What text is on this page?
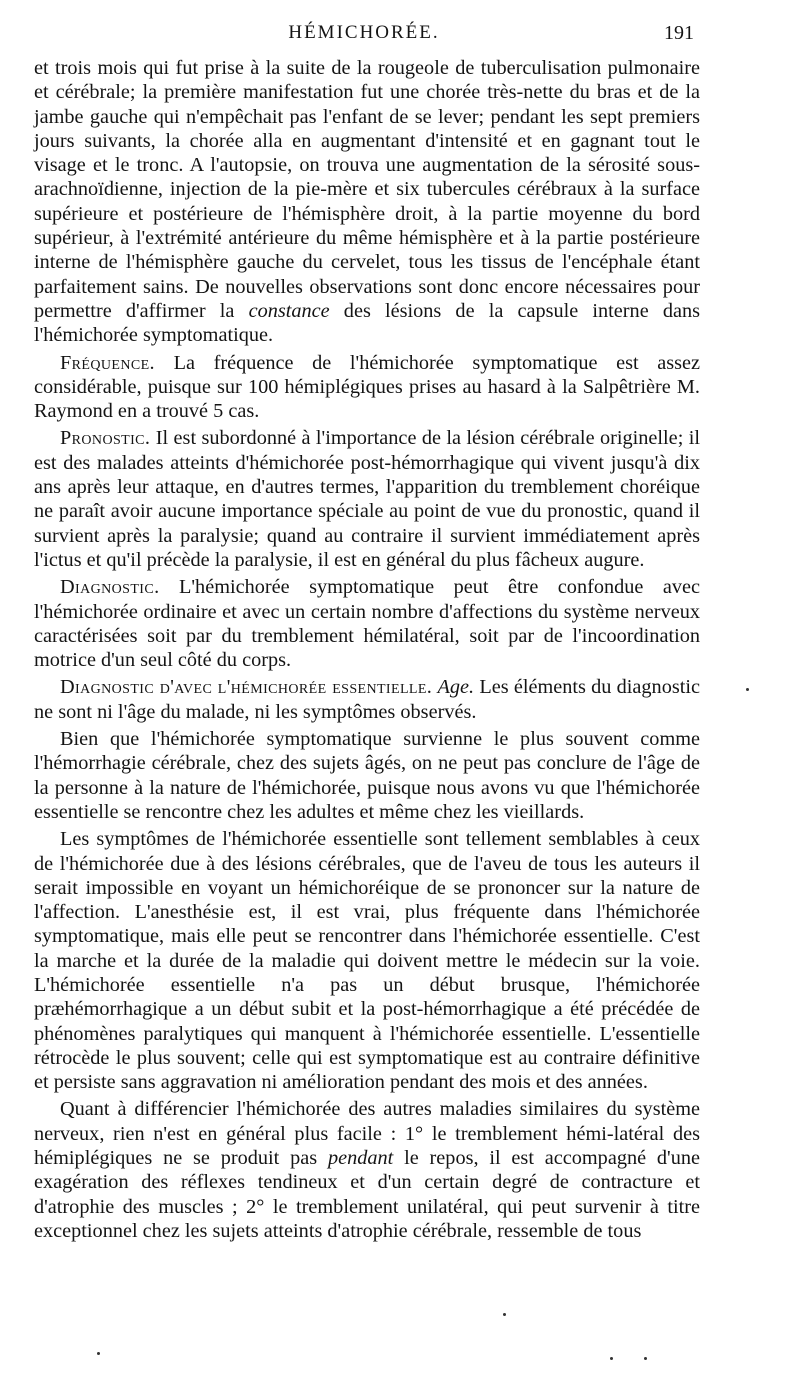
HÉMICHORÉE.	191

et trois mois qui fut prise à la suite de la rougeole de tuberculisation pulmonaire et cérébrale; la première manifestation fut une chorée très-nette du bras et de la jambe gauche qui n'empêchait pas l'enfant de se lever; pendant les sept premiers jours suivants, la chorée alla en augmentant d'intensité et en gagnant tout le visage et le tronc. A l'autopsie, on trouva une augmentation de la sérosité sous-arachnoïdienne, injection de la pie-mère et six tubercules cérébraux à la surface supérieure et postérieure de l'hémisphère droit, à la partie moyenne du bord supérieur, à l'extrémité antérieure du même hémisphère et à la partie postérieure interne de l'hémisphère gauche du cervelet, tous les tissus de l'encéphale étant parfaitement sains. De nouvelles observations sont donc encore nécessaires pour permettre d'affirmer la constance des lésions de la capsule interne dans l'hémichorée symptomatique.

Fréquence. La fréquence de l'hémichorée symptomatique est assez considérable, puisque sur 100 hémiplégiques prises au hasard à la Salpêtrière M. Raymond en a trouvé 5 cas.

Pronostic. Il est subordonné à l'importance de la lésion cérébrale originelle; il est des malades atteints d'hémichorée post-hémorrhagique qui vivent jusqu'à dix ans après leur attaque, en d'autres termes, l'apparition du tremblement choréique ne paraît avoir aucune importance spéciale au point de vue du pronostic, quand il survient après la paralysie; quand au contraire il survient immédiatement après l'ictus et qu'il précède la paralysie, il est en général du plus fâcheux augure.

Diagnostic. L'hémichorée symptomatique peut être confondue avec l'hémichorée ordinaire et avec un certain nombre d'affections du système nerveux caractérisées soit par du tremblement hémilatéral, soit par de l'incoordination motrice d'un seul côté du corps.

Diagnostic d'avec l'hémichorée essentielle. Age. Les éléments du diagnostic ne sont ni l'âge du malade, ni les symptômes observés.

Bien que l'hémichorée symptomatique survienne le plus souvent comme l'hémorrhagie cérébrale, chez des sujets âgés, on ne peut pas conclure de l'âge de la personne à la nature de l'hémichorée, puisque nous avons vu que l'hémichorée essentielle se rencontre chez les adultes et même chez les vieillards.

Les symptômes de l'hémichorée essentielle sont tellement semblables à ceux de l'hémichorée due à des lésions cérébrales, que de l'aveu de tous les auteurs il serait impossible en voyant un hémichoréique de se prononcer sur la nature de l'affection. L'anesthésie est, il est vrai, plus fréquente dans l'hémichorée symptomatique, mais elle peut se rencontrer dans l'hémichorée essentielle. C'est la marche et la durée de la maladie qui doivent mettre le médecin sur la voie. L'hémichorée essentielle n'a pas un début brusque, l'hémichorée præhémorrhagique a un début subit et la post-hémorrhagique a été précédée de phénomènes paralytiques qui manquent à l'hémichorée essentielle. L'essentielle rétrocède le plus souvent; celle qui est symptomatique est au contraire définitive et persiste sans aggravation ni amélioration pendant des mois et des années.

Quant à différencier l'hémichorée des autres maladies similaires du système nerveux, rien n'est en général plus facile : 1° le tremblement hémi-latéral des hémiplégiques ne se produit pas pendant le repos, il est accompagné d'une exagération des réflexes tendineux et d'un certain degré de contracture et d'atrophie des muscles ; 2° le tremblement unilatéral, qui peut survenir à titre exceptionnel chez les sujets atteints d'atrophie cérébrale, ressemble de tous
